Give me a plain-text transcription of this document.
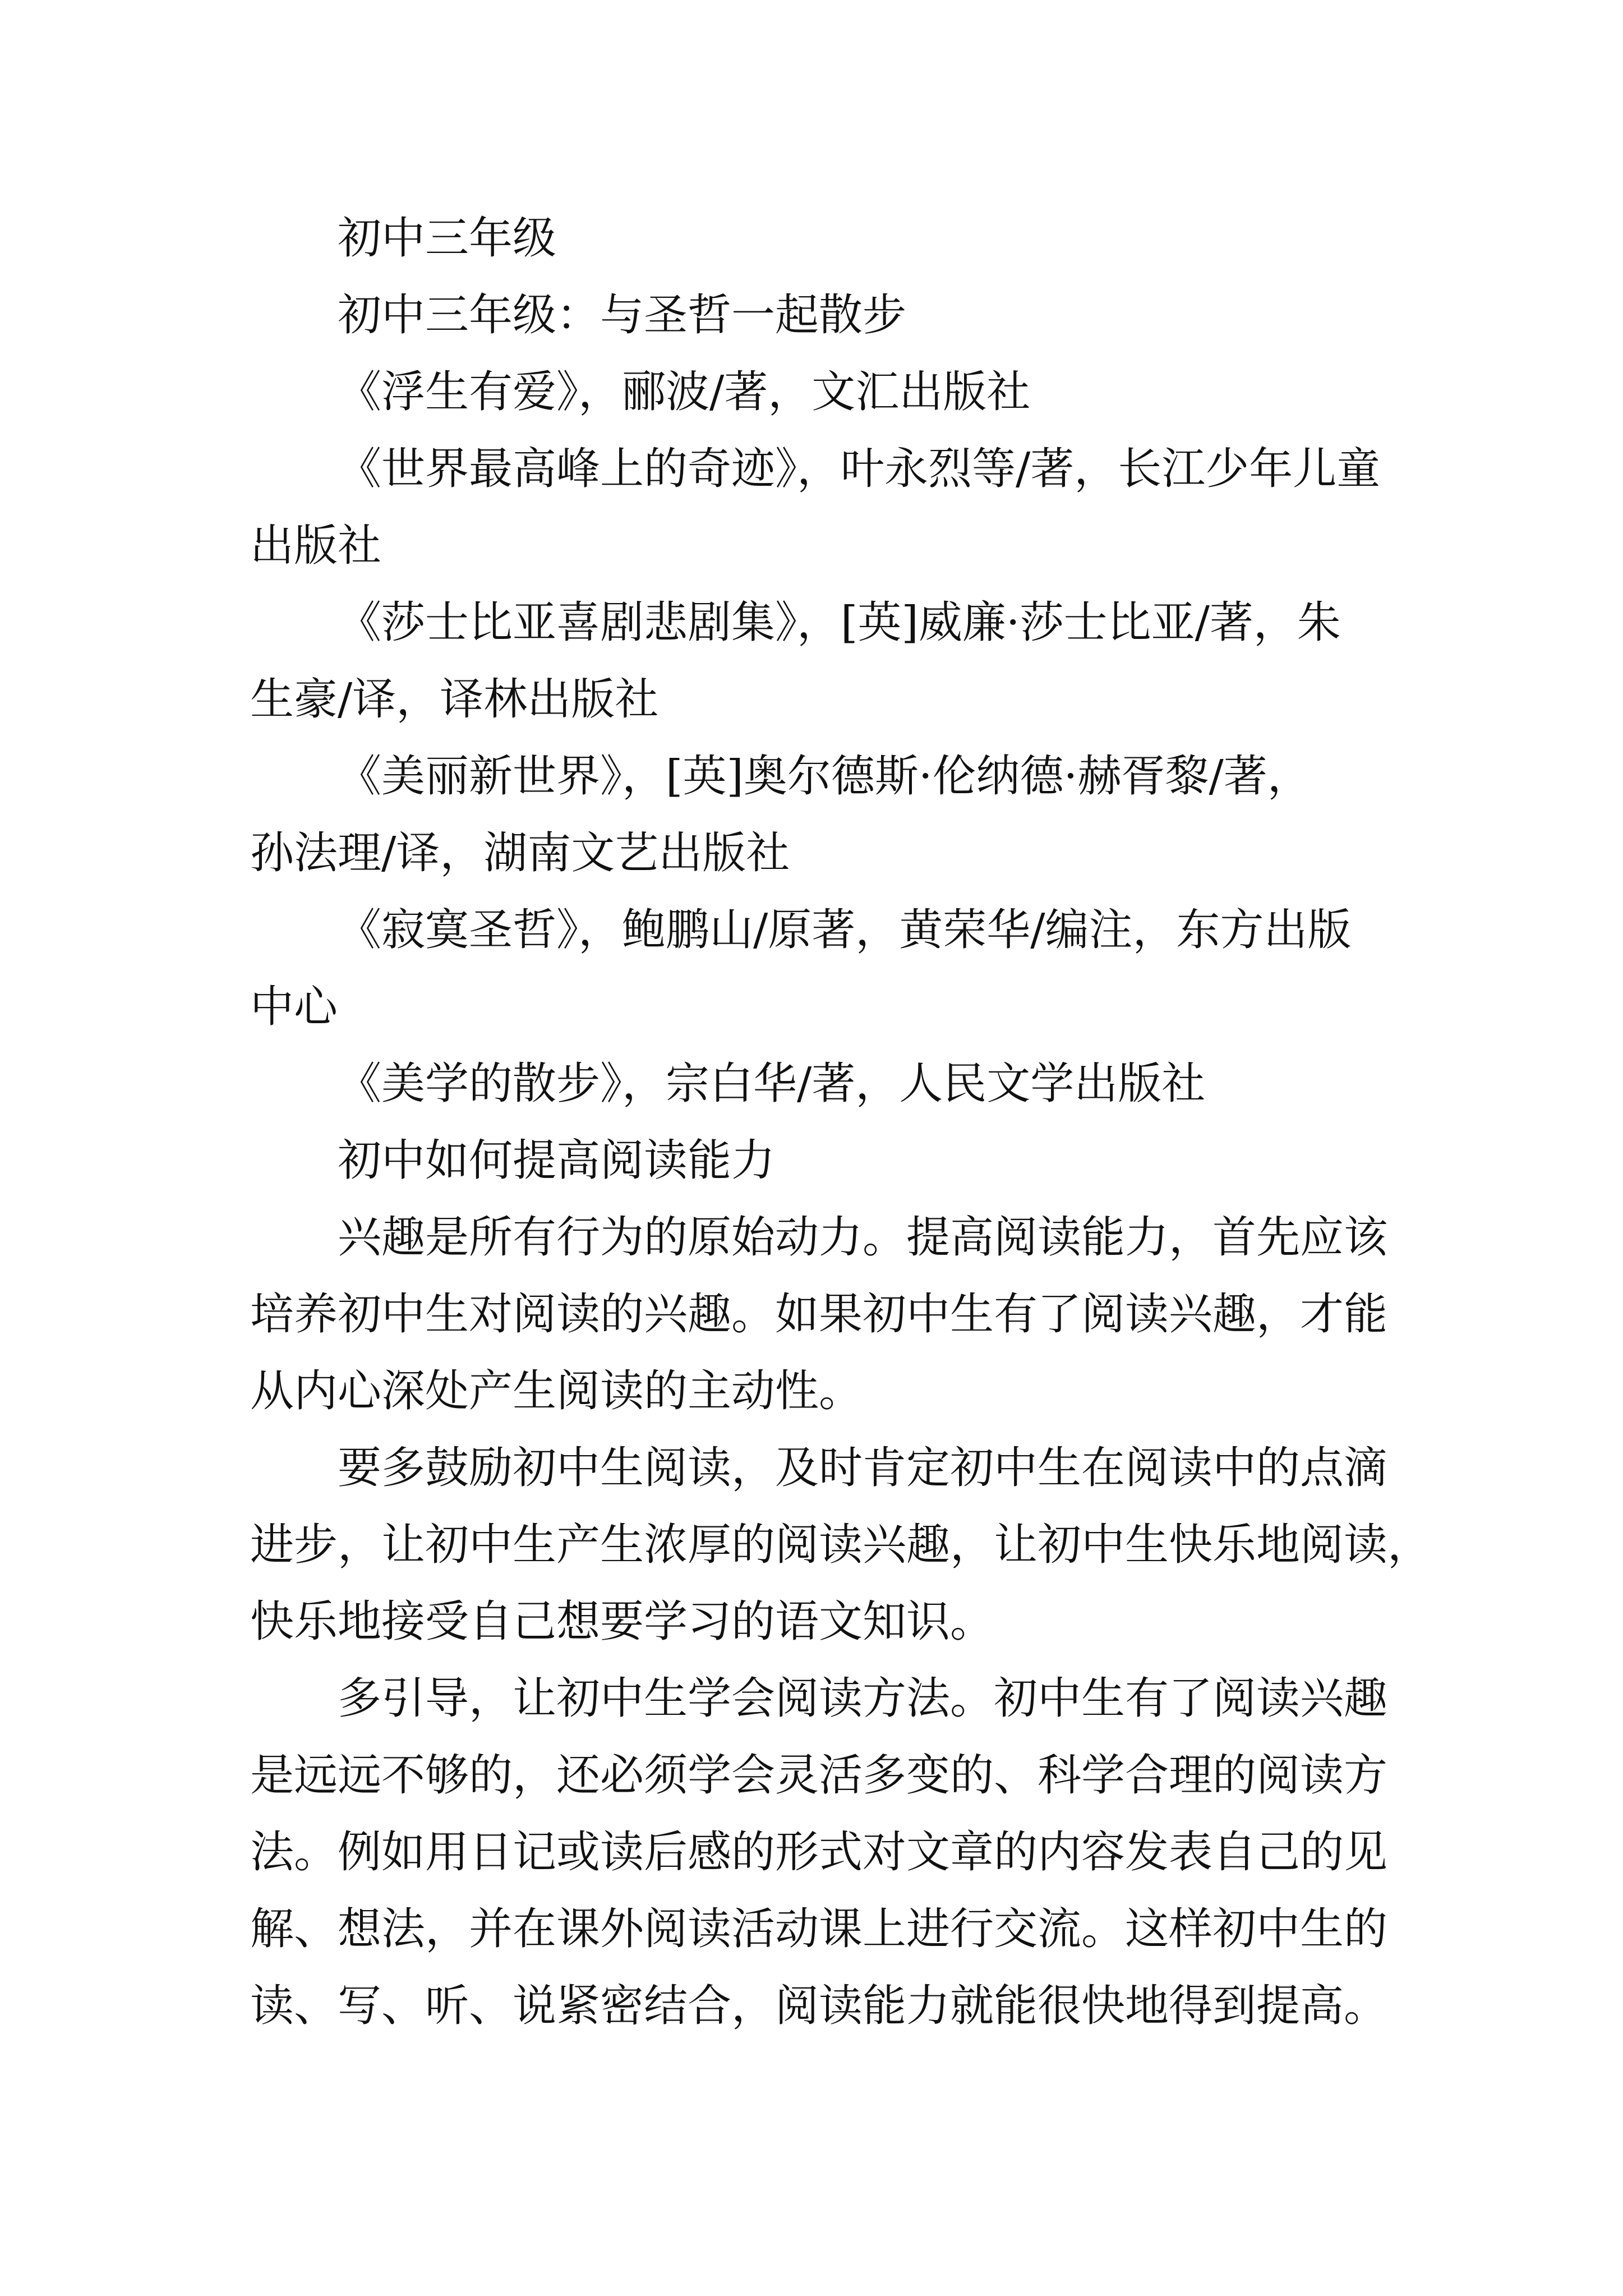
初中三年级
初中三年级：与圣哲一起散步
《浮生有爱》，郦波/著，文汇出版社
《世界最高峰上的奇迹》，叶永烈等/著，长江少年儿童
出版社
《莎士比亚喜剧悲剧集》，[英]威廉·莎士比亚/著，朱
生豪/译，译林出版社
《美丽新世界》，[英]奥尔德斯·伦纳德·赫胥黎/著，
孙法理/译，湖南文艺出版社
《寂寞圣哲》，鲍鹏山/原著，黄荣华/编注，东方出版
中心
《美学的散步》，宗白华/著，人民文学出版社
初中如何提高阅读能力
兴趣是所有行为的原始动力。提高阅读能力，首先应该
培养初中生对阅读的兴趣。如果初中生有了阅读兴趣，才能
从内心深处产生阅读的主动性。
要多鼓励初中生阅读，及时肯定初中生在阅读中的点滴
进步，让初中生产生浓厚的阅读兴趣，让初中生快乐地阅读，
快乐地接受自己想要学习的语文知识。
多引导，让初中生学会阅读方法。初中生有了阅读兴趣
是远远不够的，还必须学会灵活多变的、科学合理的阅读方
法。例如用日记或读后感的形式对文章的内容发表自己的见
解、想法，并在课外阅读活动课上进行交流。这样初中生的
读、写、听、说紧密结合，阅读能力就能很快地得到提高。
